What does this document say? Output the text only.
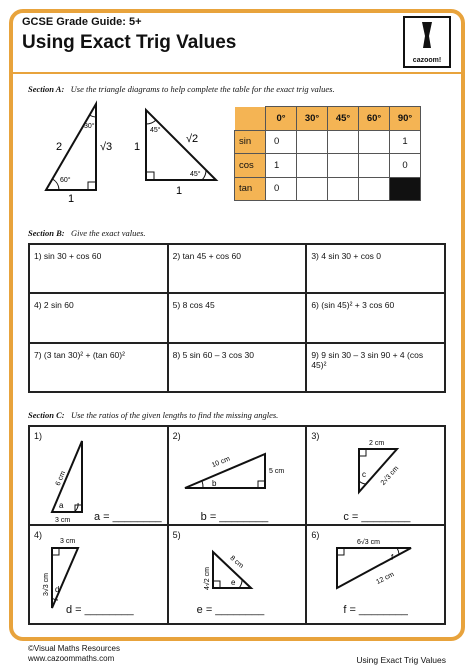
GCSE Grade Guide: 5+
Using Exact Trig Values
cazoom!
Section A: Use the triangle diagrams to help complete the table for the exact trig values.
2	√3
1
30°
60°
√2
1
1
45°
45°
	0°	30°	45°	60°	90°
sin	0				1
cos	1				0
tan	0				
Section B: Give the exact values.
1) sin 30 + cos 60	2) tan 45 + cos 60	3) 4 sin 30 + cos 0
4) 2 sin 60	5) 8 cos 45	6) (sin 45)² + 3 cos 60
7) (3 tan 30)² + (tan 60)²	8) 5 sin 60 – 3 cos 30	9) 9 sin 30 – 3 sin 90 + 4 (cos 45)²
Section C: Use the ratios of the given lengths to find the missing angles.
1)
6 cm
3 cm
a
a = ________
2)
10 cm
5 cm
b
b = ________
3)
2 cm
2√3 cm
c
c = ________
4)
3 cm
3√3 cm d
d = ________
5)
8 cm
4√2 cm	e
e = ________
6)
6√3 cm
12 cm
f
f = ________
©Visual Maths Resources
www.cazoommaths.com	Using Exact Trig Values
